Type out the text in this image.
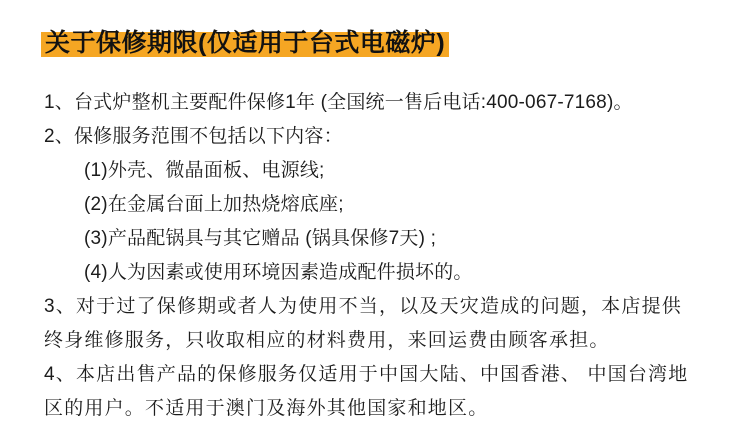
关于保修期限(仅适用于台式电磁炉)
1、台式炉整机主要配件保修1年 (全国统一售后电话:400-067-7168)。
2、保修服务范围不包括以下内容：
(1)外壳、微晶面板、电源线;
(2)在金属台面上加热烧熔底座;
(3)产品配锅具与其它赠品 (锅具保修7天) ;
(4)人为因素或使用环境因素造成配件损坏的。
3、对于过了保修期或者人为使用不当，以及天灾造成的问题，本店提供
终身维修服务，只收取相应的材料费用，来回运费由顾客承担。
4、本店出售产品的保修服务仅适用于中国大陆、中国香港、 中国台湾地
区的用户。不适用于澳门及海外其他国家和地区。
